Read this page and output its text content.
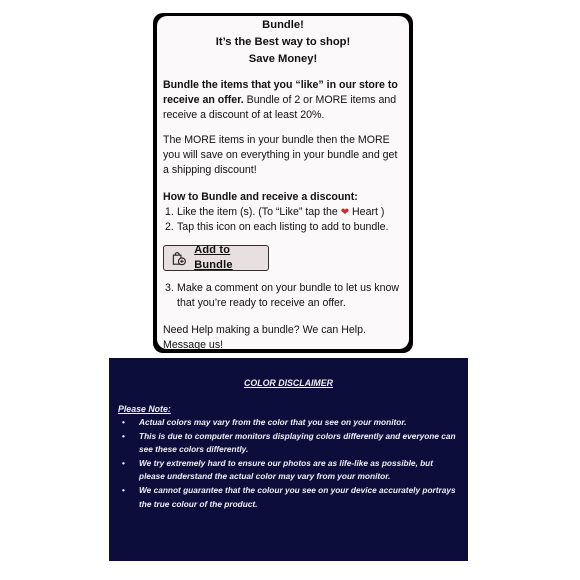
Bundle!
It’s the Best way to shop!
Save Money!
Bundle the items that you “like” in our store to receive an offer. Bundle of 2 or MORE items and receive a discount of at least 20%.
The MORE items in your bundle then the MORE you will save on everything in your bundle and get a shipping discount!
How to Bundle and receive a discount:
1. Like the item (s). (To “Like” tap the ❤ Heart )
2. Tap this icon on each listing to add to bundle.
Add to Bundle
3. Make a comment on your bundle to let us know that you’re ready to receive an offer.
Need Help making a bundle? We can Help. Message us!
COLOR DISCLAIMER
Please Note:
•	Actual colors may vary from the color that you see on your monitor.
•	This is due to computer monitors displaying colors differently and everyone can see these colors differently.
•	We try extremely hard to ensure our photos are as life-like as possible, but please understand the actual color may vary from your monitor.
•	We cannot guarantee that the colour you see on your device accurately portrays the true colour of the product.
